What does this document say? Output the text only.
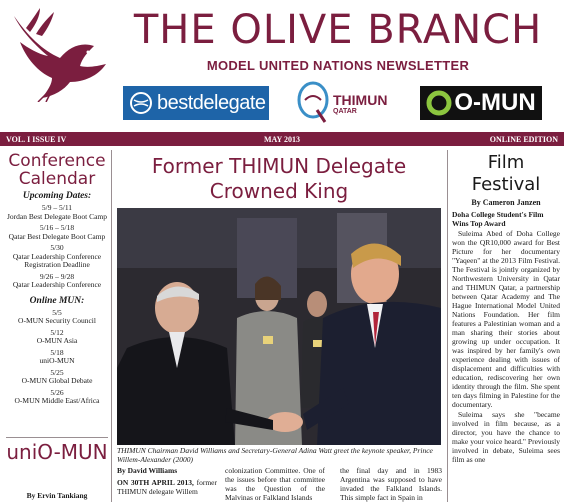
THE OLIVE BRANCH
MODEL UNITED NATIONS NEWSLETTER
bestdelegate	THIMUN
QATAR	O-MUN
VOL. I ISSUE IV	MAY 2013	ONLINE EDITION
Conference Calendar
Upcoming Dates:
5/9 – 5/11
Jordan Best Delegate Boot Camp
5/16 – 5/18
Qatar Best Delegate Boot Camp
5/30
Qatar Leadership Conference Registration Deadline
9/26 – 9/28
Qatar Leadership Conference
Online MUN:
5/5
O-MUN Security Council
5/12
O-MUN Asia
5/18
uniO-MUN
5/25
O-MUN Global Debate
5/26
O-MUN Middle East/Africa
uniO-MUN
By Ervin Tankiang
Former THIMUN Delegate Crowned King
THIMUN Chairman David Williams and Secretary-General Adina Watt greet the keynote speaker, Prince Willem-Alexander (2000)
By David Williams
ON 30TH APRIL 2013, former THIMUN delegate Willem
colonization Committee. One of the issues before that committee was the Question of the Malvinas or Falkland Islands
the final day and in 1983 Argentina was supposed to have invaded the Falkland Islands. This simple fact in Spain in
Film Festival
By Cameron Janzen
Doha College Student's Film Wins Top Award
Suleima Abed of Doha College won the QR10,000 award for Best Picture for her documentary "Yaqeen" at the 2013 Film Festival. The Festival is jointly organized by Northwestern University in Qatar and THIMUN Qatar, a partnership between Qatar Academy and The Hague International Model United Nations Foundation. Her film features a Palestinian woman and a man sharing their stories about growing up under occupation. It was inspired by her family's own experience dealing with issues of displacement and difficulties with education, rediscovering her own identity through the film. She spent ten days filming in Palestine for the documentary.
Suleima says she "became involved in film because, as a director, you have the chance to make your voice heard." Previously involved in debate, Suleima sees film as one
